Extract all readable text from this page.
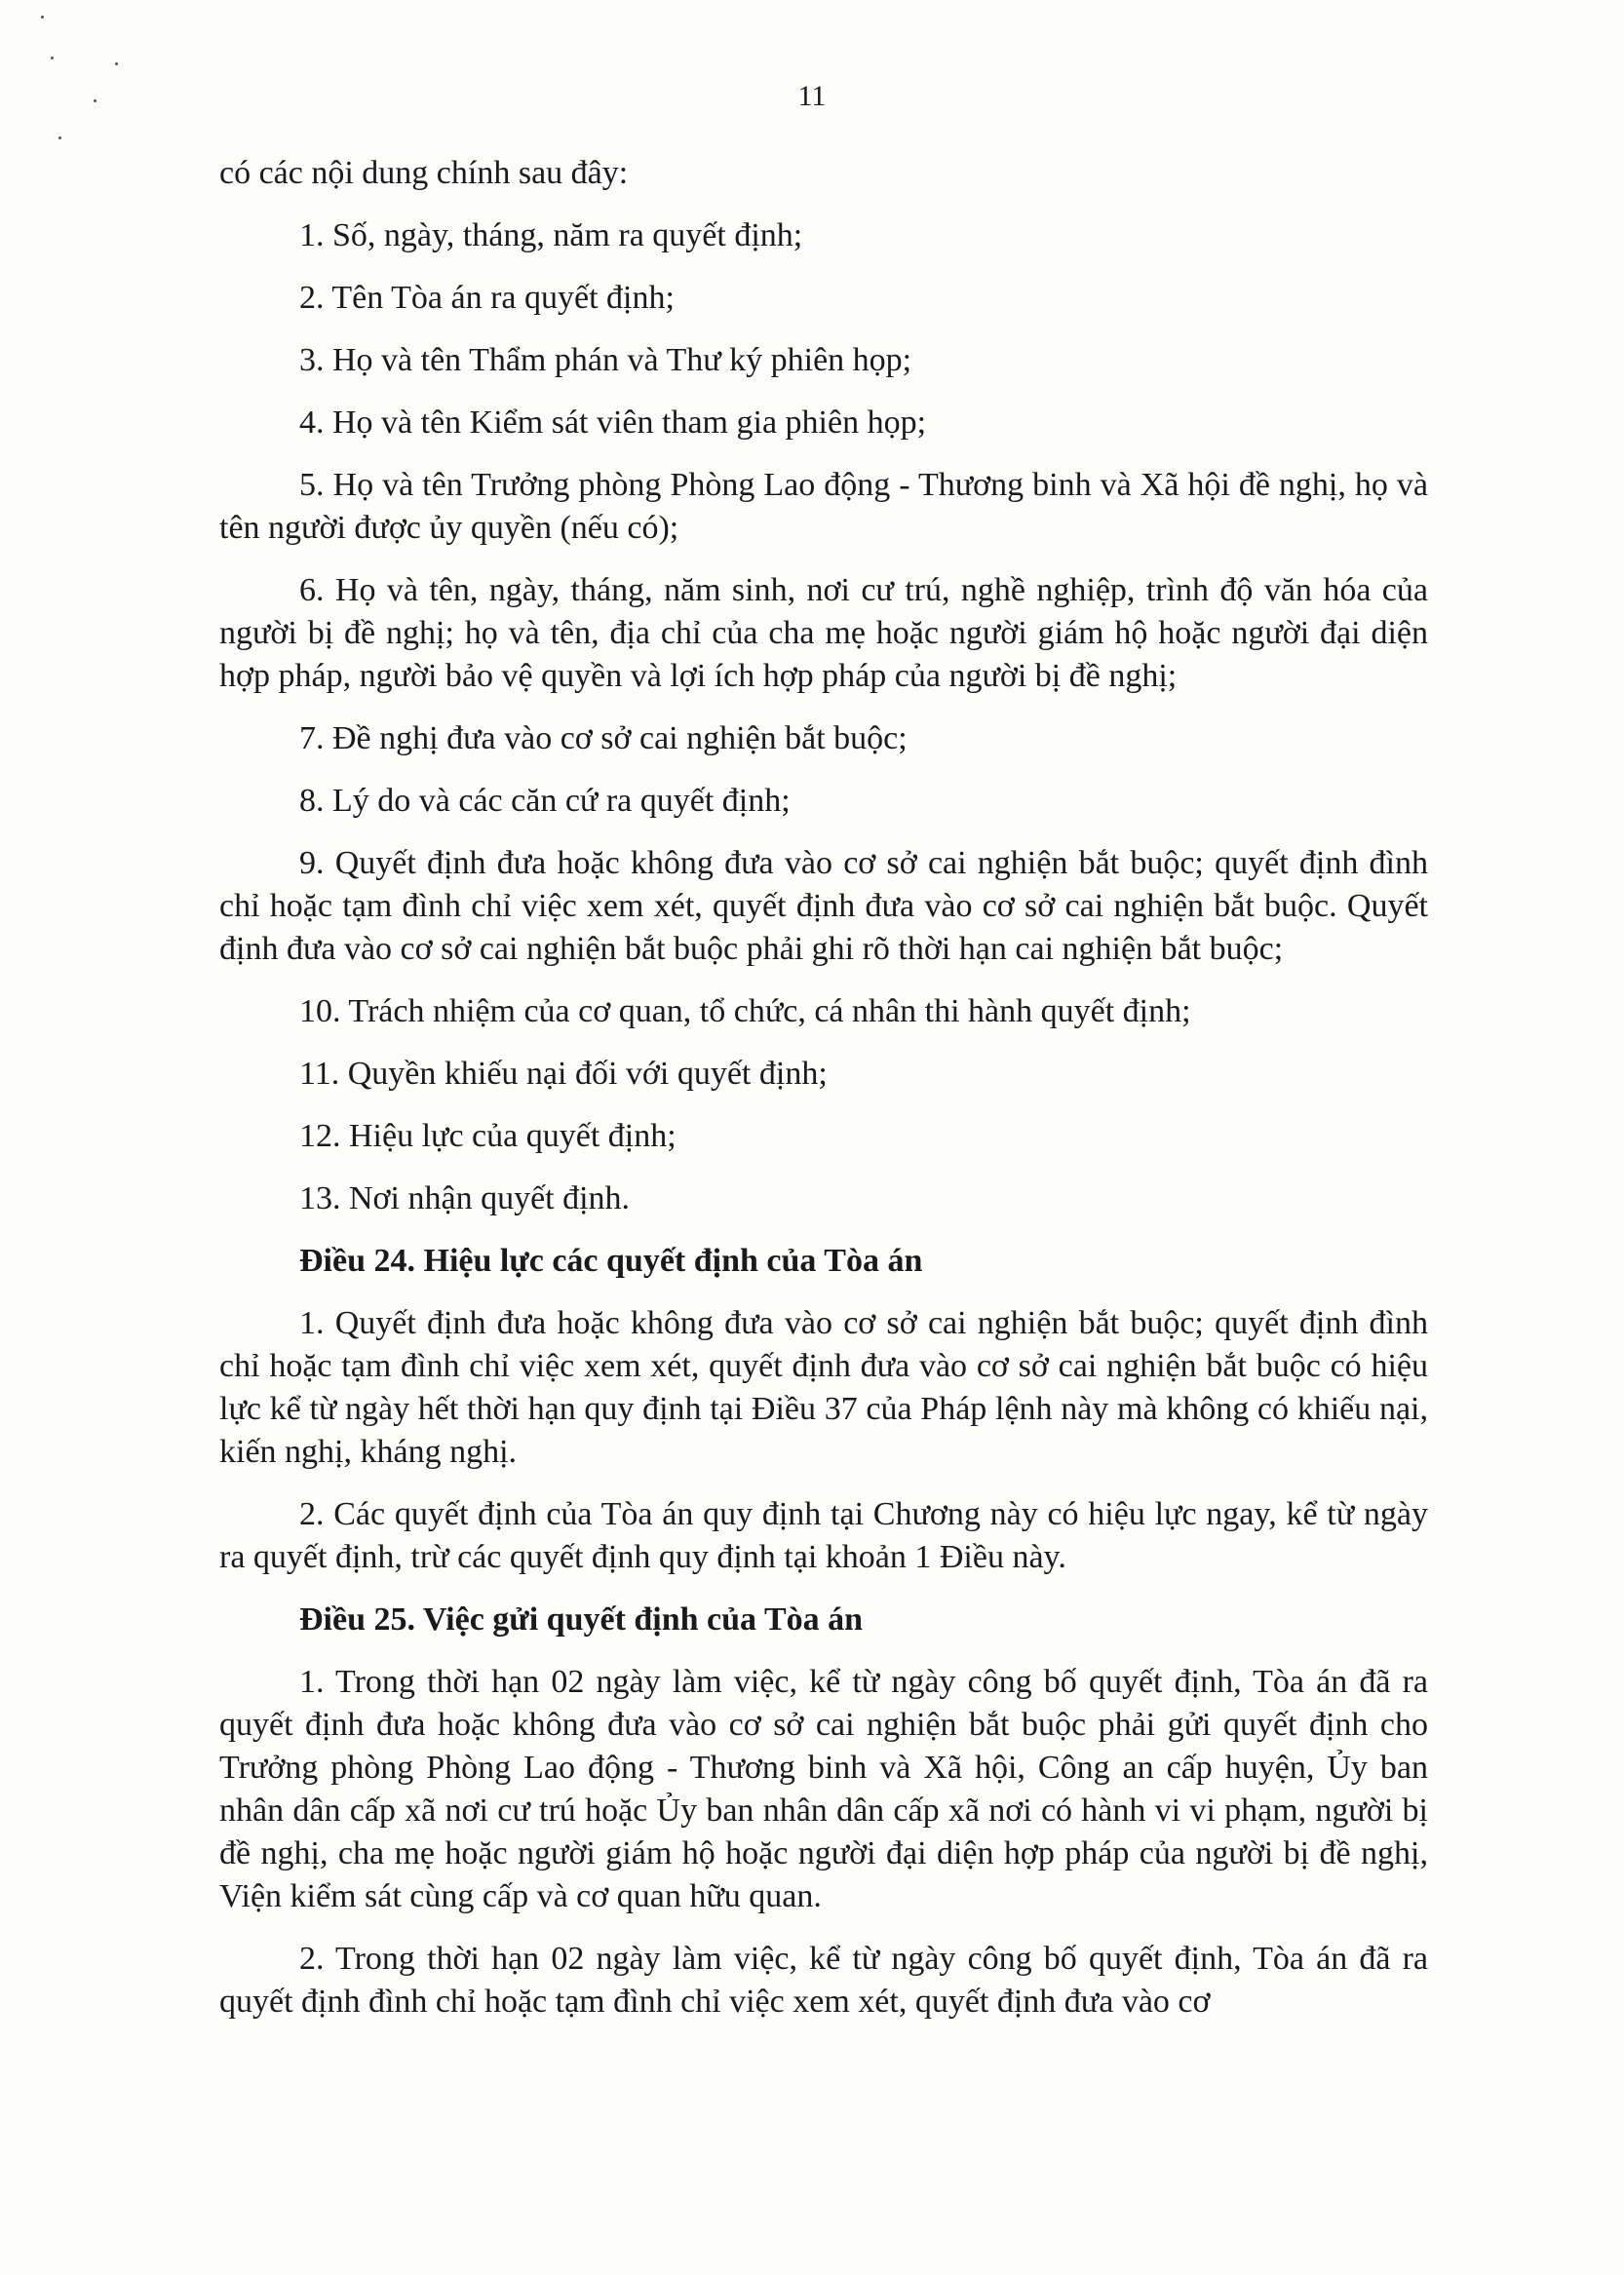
11

có các nội dung chính sau đây:

1. Số, ngày, tháng, năm ra quyết định;

2. Tên Tòa án ra quyết định;

3. Họ và tên Thẩm phán và Thư ký phiên họp;

4. Họ và tên Kiểm sát viên tham gia phiên họp;

5. Họ và tên Trưởng phòng Phòng Lao động - Thương binh và Xã hội đề nghị, họ và tên người được ủy quyền (nếu có);

6. Họ và tên, ngày, tháng, năm sinh, nơi cư trú, nghề nghiệp, trình độ văn hóa của người bị đề nghị; họ và tên, địa chỉ của cha mẹ hoặc người giám hộ hoặc người đại diện hợp pháp, người bảo vệ quyền và lợi ích hợp pháp của người bị đề nghị;

7. Đề nghị đưa vào cơ sở cai nghiện bắt buộc;

8. Lý do và các căn cứ ra quyết định;

9. Quyết định đưa hoặc không đưa vào cơ sở cai nghiện bắt buộc; quyết định đình chỉ hoặc tạm đình chỉ việc xem xét, quyết định đưa vào cơ sở cai nghiện bắt buộc. Quyết định đưa vào cơ sở cai nghiện bắt buộc phải ghi rõ thời hạn cai nghiện bắt buộc;

10. Trách nhiệm của cơ quan, tổ chức, cá nhân thi hành quyết định;

11. Quyền khiếu nại đối với quyết định;

12. Hiệu lực của quyết định;

13. Nơi nhận quyết định.

Điều 24. Hiệu lực các quyết định của Tòa án

1. Quyết định đưa hoặc không đưa vào cơ sở cai nghiện bắt buộc; quyết định đình chỉ hoặc tạm đình chỉ việc xem xét, quyết định đưa vào cơ sở cai nghiện bắt buộc có hiệu lực kể từ ngày hết thời hạn quy định tại Điều 37 của Pháp lệnh này mà không có khiếu nại, kiến nghị, kháng nghị.

2. Các quyết định của Tòa án quy định tại Chương này có hiệu lực ngay, kể từ ngày ra quyết định, trừ các quyết định quy định tại khoản 1 Điều này.

Điều 25. Việc gửi quyết định của Tòa án

1. Trong thời hạn 02 ngày làm việc, kể từ ngày công bố quyết định, Tòa án đã ra quyết định đưa hoặc không đưa vào cơ sở cai nghiện bắt buộc phải gửi quyết định cho Trưởng phòng Phòng Lao động - Thương binh và Xã hội, Công an cấp huyện, Ủy ban nhân dân cấp xã nơi cư trú hoặc Ủy ban nhân dân cấp xã nơi có hành vi vi phạm, người bị đề nghị, cha mẹ hoặc người giám hộ hoặc người đại diện hợp pháp của người bị đề nghị, Viện kiểm sát cùng cấp và cơ quan hữu quan.

2. Trong thời hạn 02 ngày làm việc, kể từ ngày công bố quyết định, Tòa án đã ra quyết định đình chỉ hoặc tạm đình chỉ việc xem xét, quyết định đưa vào cơ
